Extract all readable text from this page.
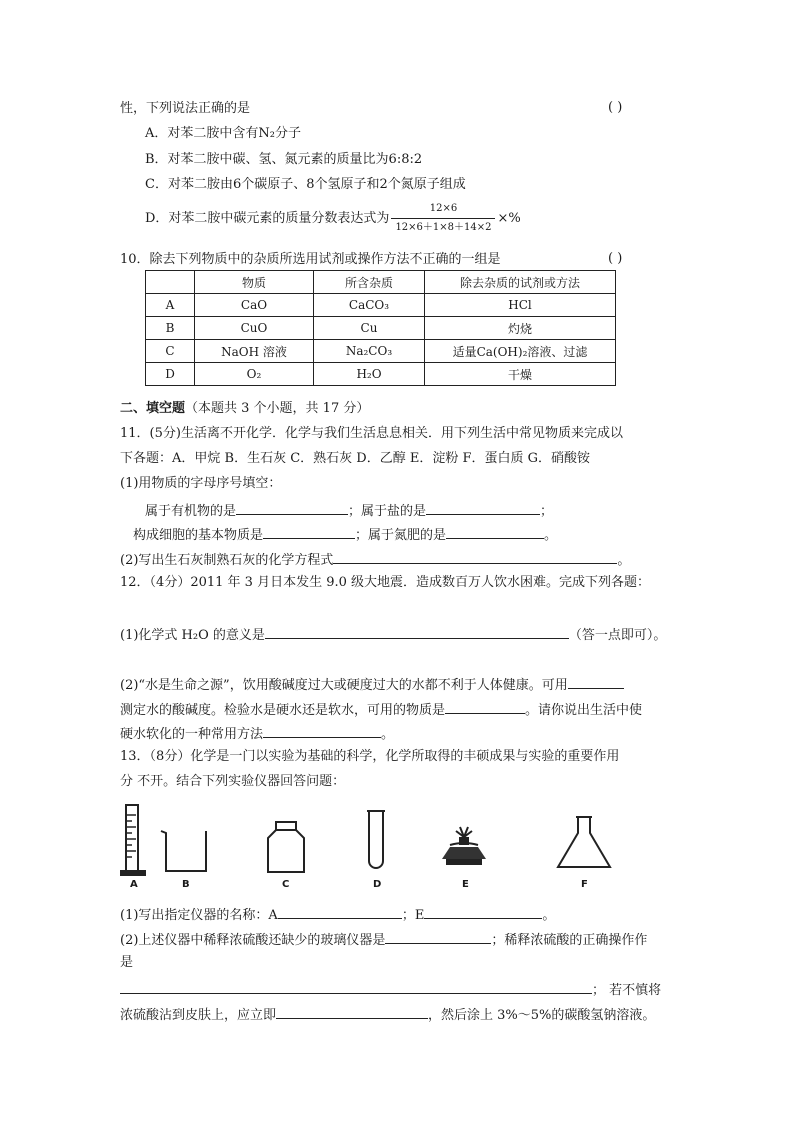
性，下列说法正确的是	( )
A．对苯二胺中含有N₂分子
B．对苯二胺中碳、氢、氮元素的质量比为6:8:2
C．对苯二胺由6个碳原子、8个氢原子和2个氮原子组成
D．对苯二胺中碳元素的质量分数表达式为 $\frac{12\times 6}{12\times 6+1\times 8+14\times 2}$ ×%
10．除去下列物质中的杂质所选用试剂或操作方法不正确的一组是	( )
	物质	所含杂质	除去杂质的试剂或方法
A	CaO	CaCO₃	HCl
B	CuO	Cu	灼烧
C	NaOH 溶液	Na₂CO₃	适量Ca(OH)₂溶液、过滤
D	O₂	H₂O	干燥
二、填空题（本题共 3 个小题，共 17 分）
11．(5分)生活离不开化学．化学与我们生活息息相关．用下列生活中常见物质来完成以
下各题：A．甲烷 B．生石灰 C．熟石灰 D．乙醇 E．淀粉 F．蛋白质 G．硝酸铵
(1)用物质的字母序号填空：
属于有机物的是	；属于盐的是	；
构成细胞的基本物质是	；属于氮肥的是	。
(2)写出生石灰制熟石灰的化学方程式	。
12．（4分）2011 年 3 月日本发生 9.0 级大地震．造成数百万人饮水困难。完成下列各题：
(1)化学式 H₂O 的意义是	（答一点即可）。
(2)“水是生命之源”，饮用酸碱度过大或硬度过大的水都不利于人体健康。可用
测定水的酸碱度。检验水是硬水还是软水，可用的物质是	。请你说出生活中使
硬水软化的一种常用方法	。
13．（8分）化学是一门以实验为基础的科学，化学所取得的丰硕成果与实验的重要作用
分 不开。结合下列实验仪器回答问题：
A	B	C	D	E	F
(1)写出指定仪器的名称：A	；E	。
(2)上述仪器中稀释浓硫酸还缺少的玻璃仪器是	；稀释浓硫酸的正确操作作
是
； 若不慎将
浓硫酸沾到皮肤上，应立即	，然后涂上 3%～5%的碳酸氢钠溶液。
